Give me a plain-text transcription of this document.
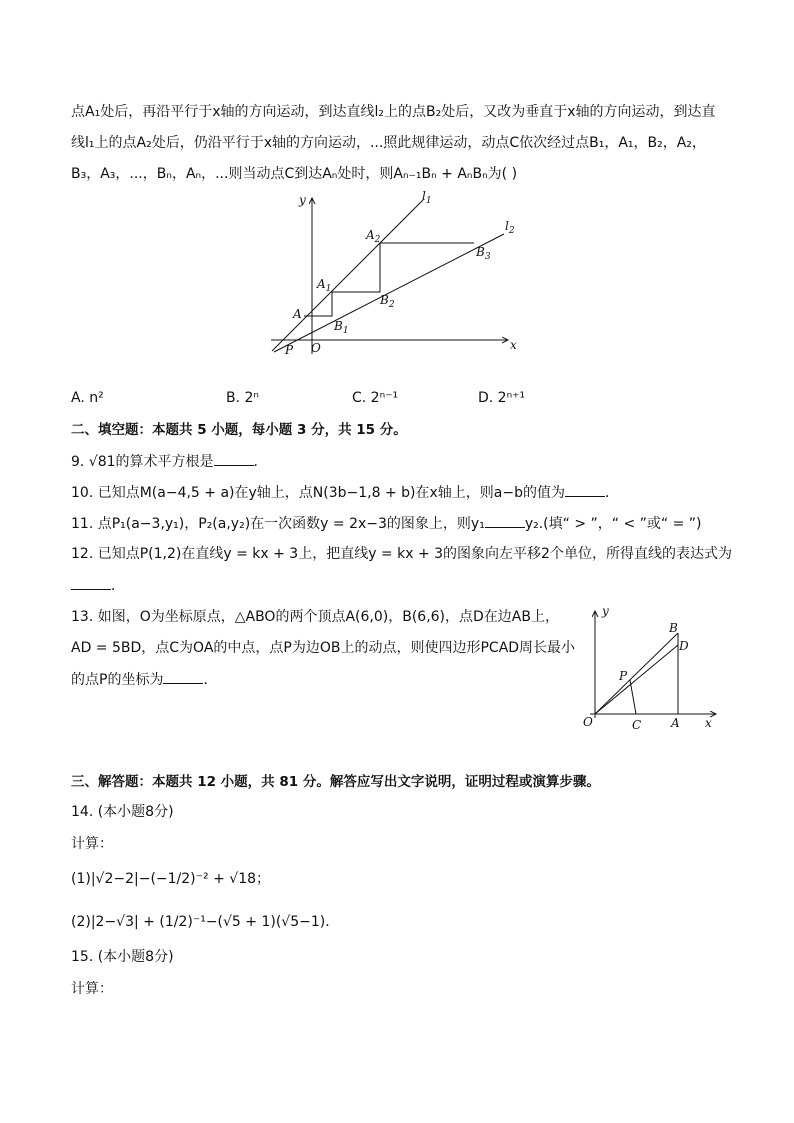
点A₁处后，再沿平行于x轴的方向运动，到达直线l₂上的点B₂处后，又改为垂直于x轴的方向运动，到达直
线l₁上的点A₂处后，仍沿平行于x轴的方向运动，...照此规律运动，动点C依次经过点B₁，A₁，B₂，A₂，
B₃，A₃，...，Bₙ，Aₙ，...则当动点C到达Aₙ处时，则Aₙ₋₁Bₙ + AₙBₙ为( )
y
x
O
P
A
$A_1$
$A_2$
$B_1$
$B_2$
$B_3$
$l_1$
$l_2$
A. n²	B. 2ⁿ	C. 2ⁿ⁻¹	D. 2ⁿ⁺¹
二、填空题：本题共 5 小题，每小题 3 分，共 15 分。
9. √81的算术平方根是	．
10. 已知点M(a−4,5 + a)在y轴上，点N(3b−1,8 + b)在x轴上，则a−b的值为	．
11. 点P₁(a−3,y₁)，P₂(a,y₂)在一次函数y = 2x−3的图象上，则y₁	y₂.(填“ > ”，“ < ”或“ = ”)
12. 已知点P(1,2)在直线y = kx + 3上，把直线y = kx + 3的图象向左平移2个单位，所得直线的表达式为
．
13. 如图，O为坐标原点，△ABO的两个顶点A(6,0)，B(6,6)，点D在边AB上，
AD = 5BD，点C为OA的中点，点P为边OB上的动点，则使四边形PCAD周长最小
的点P的坐标为	．
y
x
O	A
B
C
D
P
三、解答题：本题共 12 小题，共 81 分。解答应写出文字说明，证明过程或演算步骤。
14. (本小题8分)
计算：
(1)|√2−2|−(−1/2)⁻² + √18；
(2)|2−√3| + (1/2)⁻¹−(√5 + 1)(√5−1)．
15. (本小题8分)
计算：
